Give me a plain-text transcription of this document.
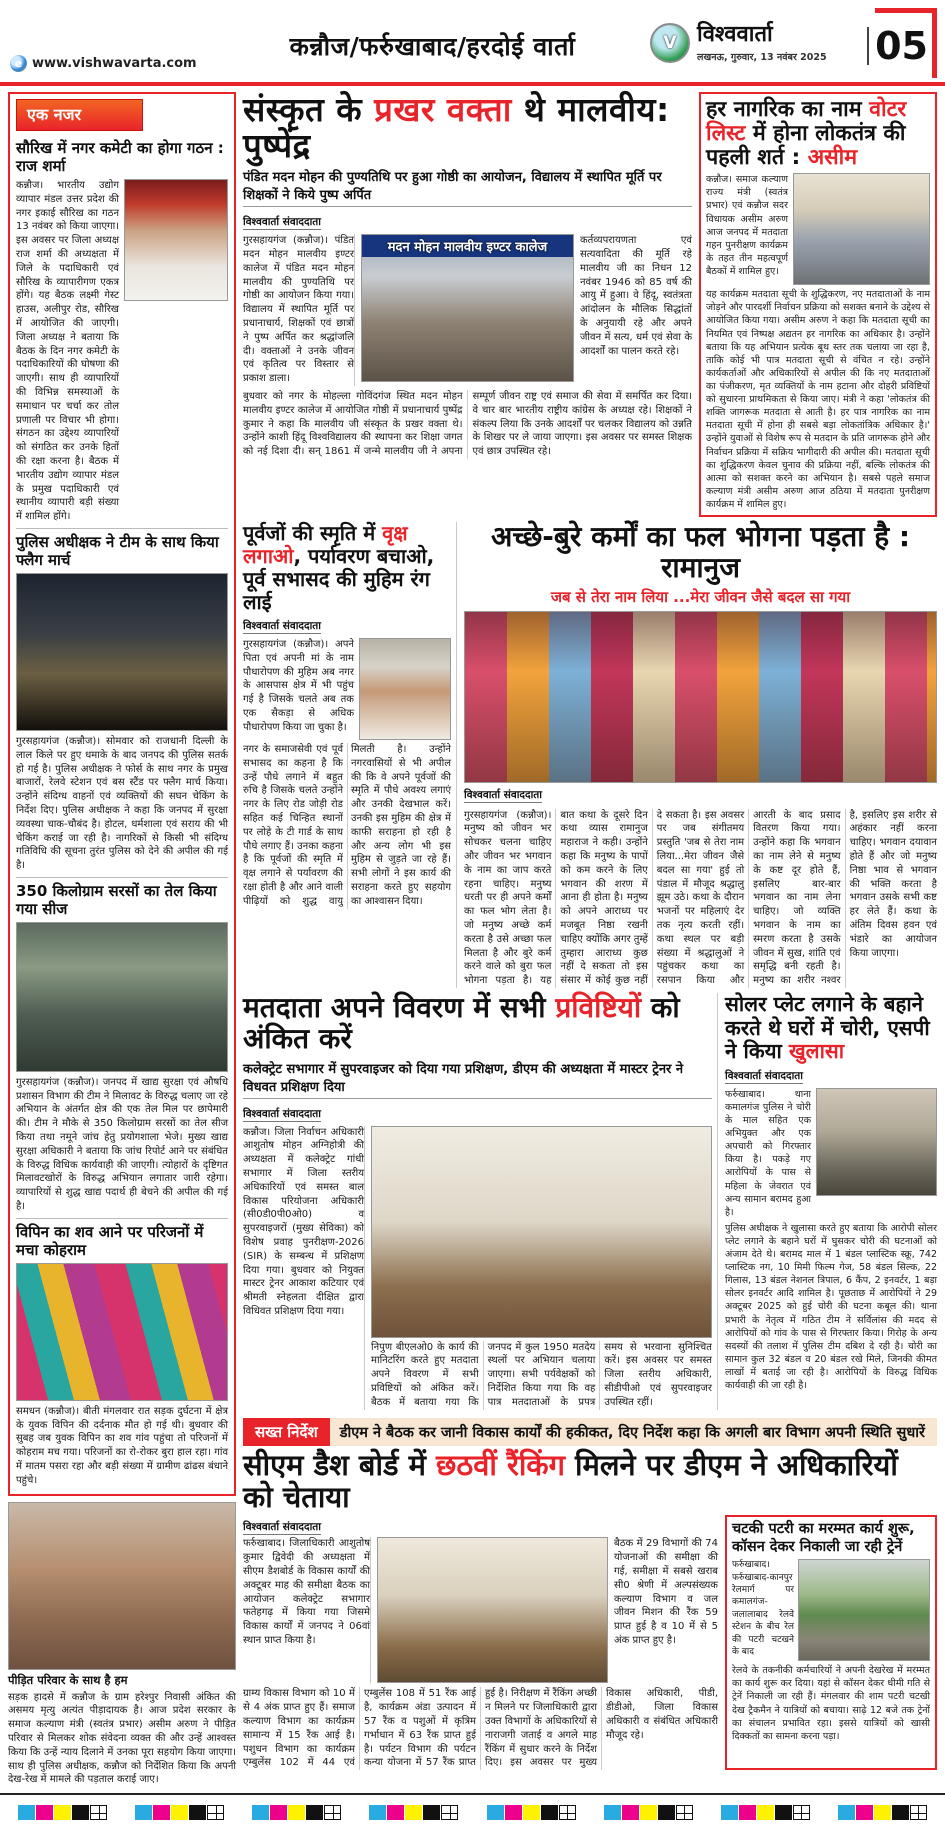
e www.vishwavarta.com
कन्नौज/फर्रुखाबाद/हरदोई वार्ता	V विश्ववार्ता
लखनऊ, गुरुवार, 13 नवंबर 2025 05
एक नजर
सौरिख में नगर कमेटी का होगा गठन : राज शर्मा
कन्नौज। भारतीय उद्योग व्यापार मंडल उत्तर प्रदेश की नगर इकाई सौरिख का गठन 13 नवंबर को किया जाएगा। इस अवसर पर जिला अध्यक्ष राज शर्मा की अध्यक्षता में जिले के पदाधिकारी एवं सौरिख के व्यापारीगण एकत्र होंगे। यह बैठक लक्ष्मी गेस्ट हाउस, अलीपुर रोड, सौरिख में आयोजित की जाएगी। जिला अध्यक्ष ने बताया कि बैठक के दिन नगर कमेटी के पदाधिकारियों की घोषणा की जाएगी। साथ ही व्यापारियों की विभिन्न समस्याओं के समाधान पर चर्चा कर तोल प्रणाली पर विचार भी होगा। संगठन का उद्देश्य व्यापारियों को संगठित कर उनके हितों की रक्षा करना है। बैठक में भारतीय उद्योग व्यापार मंडल के प्रमुख पदाधिकारी एवं स्थानीय व्यापारी बड़ी संख्या में शामिल होंगे।
पुलिस अधीक्षक ने टीम के साथ किया फ्लैग मार्च
गुरसहायगंज (कन्नौज)। सोमवार को राजधानी दिल्ली के लाल किले पर हुए धमाके के बाद जनपद की पुलिस सतर्क हो गई है। पुलिस अधीक्षक ने फोर्स के साथ नगर के प्रमुख बाजारों, रेलवे स्टेशन एवं बस स्टैंड पर फ्लैग मार्च किया। उन्होंने संदिग्ध वाहनों एवं व्यक्तियों की सघन चेकिंग के निर्देश दिए। पुलिस अधीक्षक ने कहा कि जनपद में सुरक्षा व्यवस्था चाक-चौबंद है। होटल, धर्मशाला एवं सराय की भी चेकिंग कराई जा रही है। नागरिकों से किसी भी संदिग्ध गतिविधि की सूचना तुरंत पुलिस को देने की अपील की गई है।
350 किलोग्राम सरसों का तेल किया गया सीज
गुरसहायगंज (कन्नौज)। जनपद में खाद्य सुरक्षा एवं औषधि प्रशासन विभाग की टीम ने मिलावट के विरुद्ध चलाए जा रहे अभियान के अंतर्गत क्षेत्र की एक तेल मिल पर छापेमारी की। टीम ने मौके से 350 किलोग्राम सरसों का तेल सीज किया तथा नमूने जांच हेतु प्रयोगशाला भेजे। मुख्य खाद्य सुरक्षा अधिकारी ने बताया कि जांच रिपोर्ट आने पर संबंधित के विरुद्ध विधिक कार्यवाही की जाएगी। त्योहारों के दृष्टिगत मिलावटखोरों के विरुद्ध अभियान लगातार जारी रहेगा। व्यापारियों से शुद्ध खाद्य पदार्थ ही बेचने की अपील की गई है।
विपिन का शव आने पर परिजनों में मचा कोहराम
समधन (कन्नौज)। बीती मंगलवार रात सड़क दुर्घटना में क्षेत्र के युवक विपिन की दर्दनाक मौत हो गई थी। बुधवार की सुबह जब युवक विपिन का शव गांव पहुंचा तो परिजनों में कोहराम मच गया। परिजनों का रो-रोकर बुरा हाल रहा। गांव में मातम पसरा रहा और बड़ी संख्या में ग्रामीण ढांढस बंधाने पहुंचे।
पीड़ित परिवार के साथ है हम
सड़क हादसे में कन्नौज के ग्राम हरेश्पुर निवासी अंकित की असमय मृत्यु अत्यंत पीड़ादायक है। आज प्रदेश सरकार के समाज कल्याण मंत्री (स्वतंत्र प्रभार) असीम अरुण ने पीड़ित परिवार से मिलकर शोक संवेदना व्यक्त की और उन्हें आश्वस्त किया कि उन्हें न्याय दिलाने में उनका पूरा सहयोग किया जाएगा। साथ ही पुलिस अधीक्षक, कन्नौज को निर्देशित किया कि अपनी देख-रेख में मामले की पड़ताल कराई जाए।
संस्कृत के प्रखर वक्ता थे मालवीय: पुष्पेंद्र
पंडित मदन मोहन की पुण्यतिथि पर हुआ गोष्ठी का आयोजन, विद्यालय में स्थापित मूर्ति पर शिक्षकों ने किये पुष्प अर्पित
विश्ववार्ता संवाददाता
गुरसहायगंज (कन्नौज)। पंडित मदन मोहन मालवीय इण्टर कालेज में पंडित मदन मोहन मालवीय की पुण्यतिथि पर गोष्ठी का आयोजन किया गया। विद्यालय में स्थापित मूर्ति पर प्रधानाचार्य, शिक्षकों एवं छात्रों ने पुष्प अर्पित कर श्रद्धांजलि दी। वक्ताओं ने उनके जीवन एवं कृतित्व पर विस्तार से प्रकाश डाला।
मदन मोहन मालवीय इण्टर कालेज	कर्तव्यपरायणता एवं सत्यवादिता की मूर्ति रहे मालवीय जी का निधन 12 नवंबर 1946 को 85 वर्ष की आयु में हुआ। वे हिंदू, स्वतंत्रता आंदोलन के मौलिक सिद्धांतों के अनुयायी रहे और अपने जीवन में सत्य, धर्म एवं सेवा के आदर्शों का पालन करते रहे।
बुधवार को नगर के मोहल्ला गोविंदगंज स्थित मदन मोहन मालवीय इण्टर कालेज में आयोजित गोष्ठी में प्रधानाचार्य पुष्पेंद्र कुमार ने कहा कि मालवीय जी संस्कृत के प्रखर वक्ता थे। उन्होंने काशी हिंदू विश्वविद्यालय की स्थापना कर शिक्षा जगत को नई दिशा दी। सन् 1861 में जन्मे मालवीय जी ने अपना सम्पूर्ण जीवन राष्ट्र एवं समाज की सेवा में समर्पित कर दिया। वे चार बार भारतीय राष्ट्रीय कांग्रेस के अध्यक्ष रहे। शिक्षकों ने संकल्प लिया कि उनके आदर्शों पर चलकर विद्यालय को उन्नति के शिखर पर ले जाया जाएगा। इस अवसर पर समस्त शिक्षक एवं छात्र उपस्थित रहे।
हर नागरिक का नाम वोटर लिस्ट में होना लोकतंत्र की पहली शर्त : असीम
कन्नौज। समाज कल्याण राज्य मंत्री (स्वतंत्र प्रभार) एवं कन्नौज सदर विधायक असीम अरुण आज जनपद में मतदाता गहन पुनरीक्षण कार्यक्रम के तहत तीन महत्वपूर्ण बैठकों में शामिल हुए।
यह कार्यक्रम मतदाता सूची के शुद्धिकरण, नए मतदाताओं के नाम जोड़ने और पारदर्शी निर्वाचन प्रक्रिया को सशक्त बनाने के उद्देश्य से आयोजित किया गया। असीम अरुण ने कहा कि मतदाता सूची का नियमित एवं निष्पक्ष अद्यतन हर नागरिक का अधिकार है। उन्होंने बताया कि यह अभियान प्रत्येक बूथ स्तर तक चलाया जा रहा है, ताकि कोई भी पात्र मतदाता सूची से वंचित न रहे। उन्होंने कार्यकर्ताओं और अधिकारियों से अपील की कि नए मतदाताओं का पंजीकरण, मृत व्यक्तियों के नाम हटाना और दोहरी प्रविष्टियों को सुधारना प्राथमिकता से किया जाए। मंत्री ने कहा 'लोकतंत्र की शक्ति जागरूक मतदाता से आती है। हर पात्र नागरिक का नाम मतदाता सूची में होना ही सबसे बड़ा लोकतांत्रिक अधिकार है।' उन्होंने युवाओं से विशेष रूप से मतदान के प्रति जागरूक होने और निर्वाचन प्रक्रिया में सक्रिय भागीदारी की अपील की। मतदाता सूची का शुद्धिकरण केवल चुनाव की प्रक्रिया नहीं, बल्कि लोकतंत्र की आत्मा को सशक्त करने का अभियान है। सबसे पहले समाज कल्याण मंत्री असीम अरुण आज ठठिया में मतदाता पुनरीक्षण कार्यक्रम में शामिल हुए।
पूर्वजों की स्मृति में वृक्ष लगाओ, पर्यावरण बचाओ, पूर्व सभासद की मुहिम रंग लाई
विश्ववार्ता संवाददाता
गुरसहायगंज (कन्नौज)। अपने पिता एवं अपनी मां के नाम पौधारोपण की मुहिम अब नगर के आसपास क्षेत्र में भी पहुंच गई है जिसके चलते अब तक एक सैकड़ा से अधिक पौधारोपण किया जा चुका है।
नगर के समाजसेवी एवं पूर्व सभासद का कहना है कि उन्हें पौधे लगाने में बहुत रुचि है जिसके चलते उन्होंने नगर के लिए रोड जोड़ी रोड सहित कई चिन्हित स्थानों पर लोहे के टी गार्ड के साथ पौधे लगाए हैं। उनका कहना है कि पूर्वजों की स्मृति में वृक्ष लगाने से पर्यावरण की रक्षा होती है और आने वाली पीढ़ियों को शुद्ध वायु मिलती है। उन्होंने नगरवासियों से भी अपील की कि वे अपने पूर्वजों की स्मृति में पौधे अवश्य लगाएं और उनकी देखभाल करें। उनकी इस मुहिम की क्षेत्र में काफी सराहना हो रही है और अन्य लोग भी इस मुहिम से जुड़ते जा रहे हैं। सभी लोगों ने इस कार्य की सराहना करते हुए सहयोग का आश्वासन दिया।
अच्छे-बुरे कर्मों का फल भोगना पड़ता है : रामानुज
जब से तेरा नाम लिया ...मेरा जीवन जैसे बदल सा गया
विश्ववार्ता संवाददाता
गुरसहायगंज (कन्नौज)। मनुष्य को जीवन भर सोचकर चलना चाहिए और जीवन भर भगवान के नाम का जाप करते रहना चाहिए। मनुष्य धरती पर ही अपने कर्मों का फल भोग लेता है। जो मनुष्य अच्छे कर्म करता है उसे अच्छा फल मिलता है और बुरे कर्म करने वाले को बुरा फल भोगना पड़ता है। यह बात कथा के दूसरे दिन कथा व्यास रामानुज महाराज ने कही। उन्होंने कहा कि मनुष्य के पापों को कम करने के लिए भगवान की शरण में आना ही होता है। मनुष्य को अपने आराध्य पर मजबूत निष्ठा रखनी चाहिए क्योंकि अगर तुम्हें तुम्हारा आराध्य कुछ नहीं दे सकता तो इस संसार में कोई कुछ नहीं दे सकता है। इस अवसर पर जब संगीतमय प्रस्तुति 'जब से तेरा नाम लिया...मेरा जीवन जैसे बदल सा गया' हुई तो पंडाल में मौजूद श्रद्धालु झूम उठे। कथा के दौरान भजनों पर महिलाएं देर तक नृत्य करती रहीं। कथा स्थल पर बड़ी संख्या में श्रद्धालुओं ने पहुंचकर कथा का रसपान किया और आरती के बाद प्रसाद वितरण किया गया। उन्होंने कहा कि भगवान का नाम लेने से मनुष्य के कष्ट दूर होते हैं, इसलिए बार-बार भगवान का नाम लेना चाहिए। जो व्यक्ति भगवान के नाम का स्मरण करता है उसके जीवन में सुख, शांति एवं समृद्धि बनी रहती है। मनुष्य का शरीर नश्वर है, इसलिए इस शरीर से अहंकार नहीं करना चाहिए। भगवान दयावान होते हैं और जो मनुष्य निष्ठा भाव से भगवान की भक्ति करता है भगवान उसके सभी कष्ट हर लेते हैं। कथा के अंतिम दिवस हवन एवं भंडारे का आयोजन किया जाएगा।
मतदाता अपने विवरण में सभी प्रविष्टियों को अंकित करें
कलेक्ट्रेट सभागार में सुपरवाइजर को दिया गया प्रशिक्षण, डीएम की अध्यक्षता में मास्टर ट्रेनर ने विधवत प्रशिक्षण दिया
विश्ववार्ता संवाददाता
कन्नौज। जिला निर्वाचन अधिकारी आशुतोष मोहन अग्निहोत्री की अध्यक्षता में कलेक्ट्रेट गांधी सभागार में जिला स्तरीय अधिकारियों एवं समस्त बाल विकास परियोजना अधिकारी (सी0डी0पी0ओ0) व सुपरवाइजरों (मुख्य सेविका) को विशेष प्रवाह पुनरीक्षण-2026 (SIR) के सम्बन्ध में प्रशिक्षण दिया गया। बुधवार को नियुक्त मास्टर ट्रेनर आकाश कटियार एवं श्रीमती स्नेहलता दीक्षित द्वारा विधिवत प्रशिक्षण दिया गया।
निपुण बीएलओ0 के कार्य की मानिटरिंग करते हुए मतदाता अपने विवरण में सभी प्रविष्टियों को अंकित करें। बैठक में बताया गया कि जनपद में कुल 1950 मतदेय स्थलों पर अभियान चलाया जाएगा। सभी पर्यवेक्षकों को निर्देशित किया गया कि वह पात्र मतदाताओं के प्रपत्र समय से भरवाना सुनिश्चित करें। इस अवसर पर समस्त जिला स्तरीय अधिकारी, सीडीपीओ एवं सुपरवाइजर उपस्थित रहीं।
सोलर प्लेट लगाने के बहाने करते थे घरों में चोरी, एसपी ने किया खुलासा
विश्ववार्ता संवाददाता
फर्रुखाबाद। थाना कमालगंज पुलिस ने चोरी के माल सहित एक अभियुक्त और एक अपचारी को गिरफ्तार किया है। पकड़े गए आरोपियों के पास से महिला के जेवरात एवं अन्य सामान बरामद हुआ है।
पुलिस अधीक्षक ने खुलासा करते हुए बताया कि आरोपी सोलर प्लेट लगाने के बहाने घरों में घुसकर चोरी की घटनाओं को अंजाम देते थे। बरामद माल में 1 बंडल प्लास्टिक स्क्रू, 742 प्लास्टिक नग, 10 मिमी फिल्म गेज, 58 बंडल सिल्क, 22 गिलास, 13 बंडल नेशनल त्रिपाल, 6 कैंप, 2 इनवर्टर, 1 बड़ा सोलर इनवर्टर आदि शामिल है। पूछताछ में आरोपियों ने 29 अक्टूबर 2025 को हुई चोरी की घटना कबूल की। थाना प्रभारी के नेतृत्व में गठित टीम ने सर्विलांस की मदद से आरोपियों को गांव के पास से गिरफ्तार किया। गिरोह के अन्य सदस्यों की तलाश में पुलिस टीम दबिश दे रही है। चोरी का सामान कुल 32 बंडल व 20 बंडल रखे मिले, जिनकी कीमत लाखों में बताई जा रही है। आरोपियों के विरुद्ध विधिक कार्यवाही की जा रही है।
सख्त निर्देश	डीएम ने बैठक कर जानी विकास कार्यों की हकीकत, दिए निर्देश कहा कि अगली बार विभाग अपनी स्थिति सुधारें
सीएम डैश बोर्ड में छठवीं रैंकिंग मिलने पर डीएम ने अधिकारियों को चेताया
विश्ववार्ता संवाददाता
फर्रुखाबाद। जिलाधिकारी आशुतोष कुमार द्विवेदी की अध्यक्षता में सीएम डैशबोर्ड के विकास कार्यों की अक्टूबर माह की समीक्षा बैठक का आयोजन कलेक्ट्रेट सभागार फतेहगढ़ में किया गया जिसमे विकास कार्यों में जनपद ने 06वां स्थान प्राप्त किया है।
बैठक में 29 विभागों की 74 योजनाओं की समीक्षा की गई, समीक्षा में सबसे खराब सी0 श्रेणी में अल्पसंख्यक कल्याण विभाग व जल जीवन मिशन की रैंक 59 प्राप्त हुई है व 10 में से 5 अंक प्राप्त हुए है।
ग्राम्य विकास विभाग को 10 में से 4 अंक प्राप्त हुए हैं। समाज कल्याण विभाग का कार्यक्रम सामान्य में 15 रैंक आई है। पशुधन विभाग का कार्यक्रम एम्बुलेंस 102 में 44 एवं एम्बुलेंस 108 में 51 रैंक आई है, कार्यक्रम अंडा उत्पादन में 57 रैंक व पशुओं में कृत्रिम गर्भाधान में 63 रैंक प्राप्त हुई है। पर्यटन विभाग की पर्यटन कन्या योजना में 57 रैंक प्राप्त हुई है। निरीक्षण में रैंकिंग अच्छी न मिलने पर जिलाधिकारी द्वारा उक्त विभागों के अधिकारियों से नाराजगी जताई व अगले माह रैंकिंग में सुधार करने के निर्देश दिए। इस अवसर पर मुख्य विकास अधिकारी, पीडी, डीडीओ, जिला विकास अधिकारी व संबंधित अधिकारी मौजूद रहे।
चटकी पटरी का मरम्मत कार्य शुरू, कॉसन देकर निकाली जा रही ट्रेनें
फर्रुखाबाद। फर्रुखाबाद-कानपुर रेलमार्ग पर कमालगंज-जलालाबाद रेलवे स्टेशन के बीच रेल की पटरी चटखने के बाद
रेलवे के तकनीकी कर्मचारियों ने अपनी देखरेख में मरम्मत का कार्य शुरू कर दिया। यहां से कॉसन देकर धीमी गति से ट्रेनें निकाली जा रही हैं। मंगलवार की शाम पटरी चटखी देख ट्रैकमैन ने यात्रियों को बचाया। साढ़े 12 बजे तक ट्रेनों का संचालन प्रभावित रहा। इससे यात्रियों को खासी दिक्कतों का सामना करना पड़ा।
